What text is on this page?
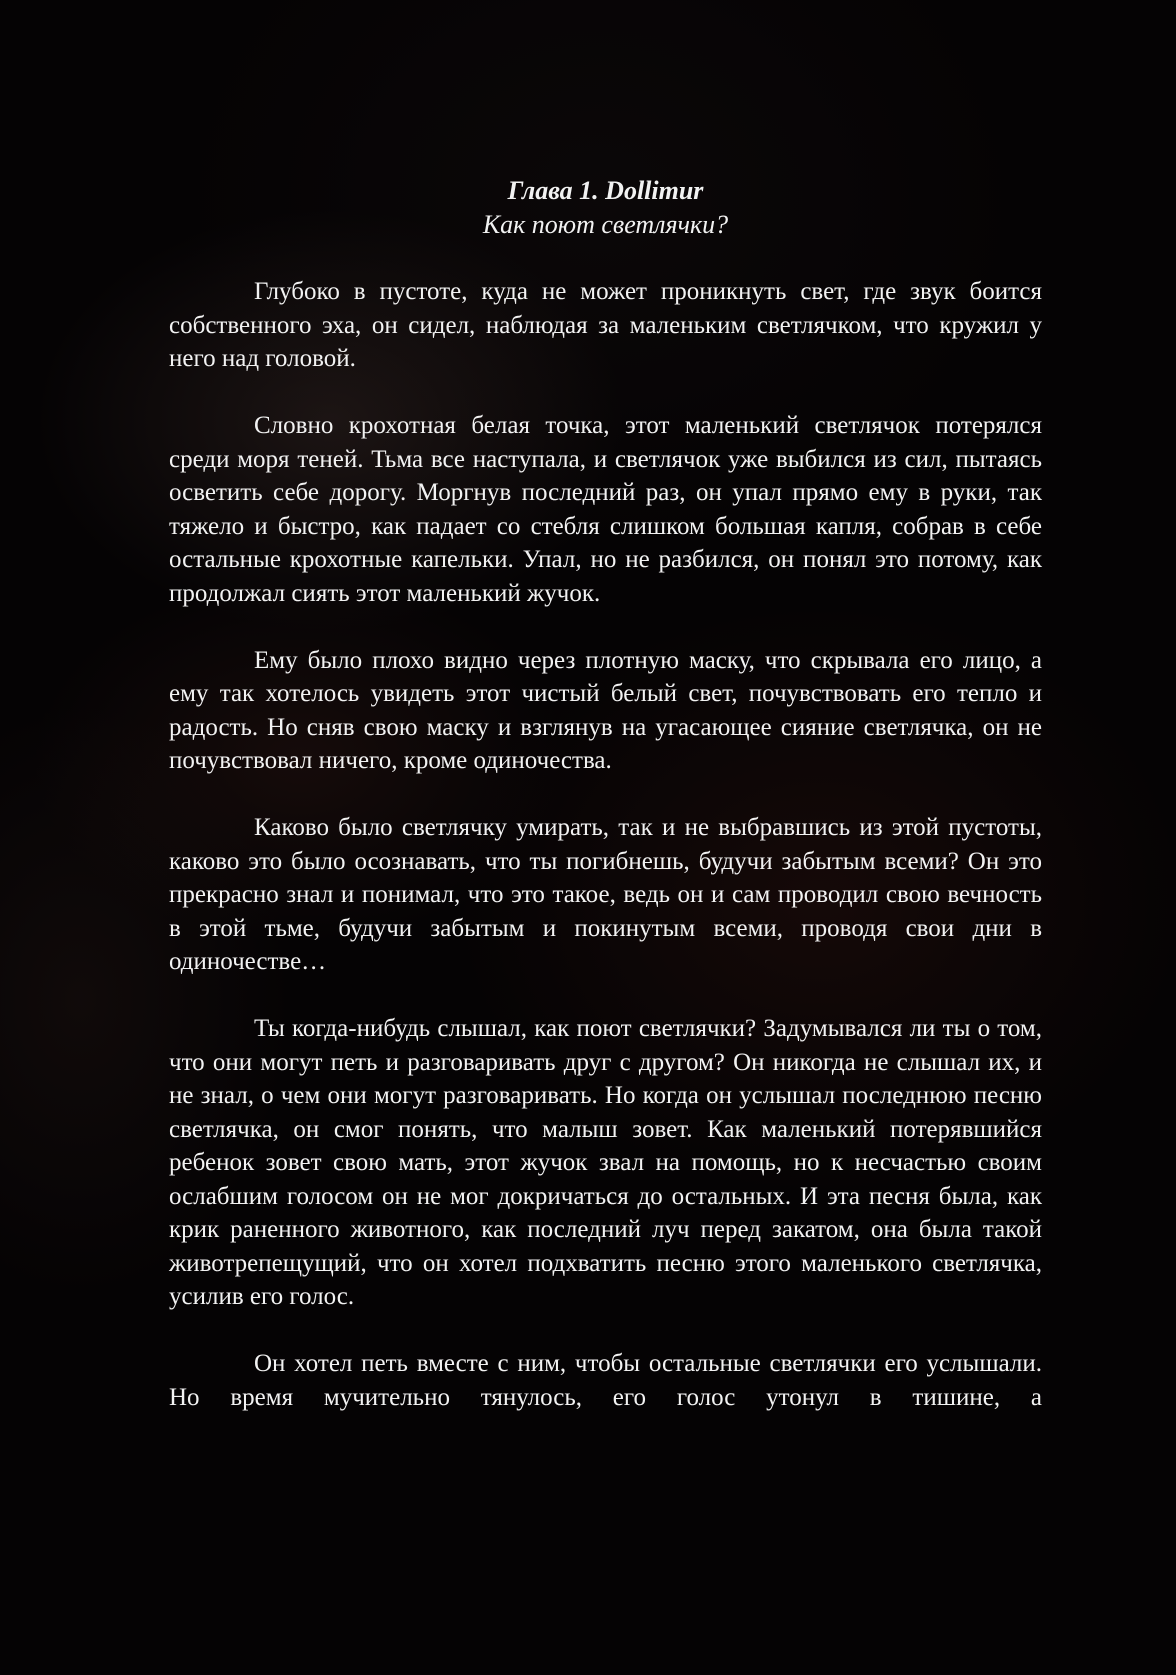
Глава 1. Dollimur

Как поют светлячки?

Глубоко в пустоте, куда не может проникнуть свет, где звук боится собственного эха, он сидел, наблюдая за маленьким светлячком, что кружил у него над головой.

Словно крохотная белая точка, этот маленький светлячок потерялся среди моря теней. Тьма все наступала, и светлячок уже выбился из сил, пытаясь осветить себе дорогу. Моргнув последний раз, он упал прямо ему в руки, так тяжело и быстро, как падает со стебля слишком большая капля, собрав в себе остальные крохотные капельки. Упал, но не разбился, он понял это потому, как продолжал сиять этот маленький жучок.

Ему было плохо видно через плотную маску, что скрывала его лицо, а ему так хотелось увидеть этот чистый белый свет, почувствовать его тепло и радость. Но сняв свою маску и взглянув на угасающее сияние светлячка, он не почувствовал ничего, кроме одиночества.

Каково было светлячку умирать, так и не выбравшись из этой пустоты, каково это было осознавать, что ты погибнешь, будучи забытым всеми? Он это прекрасно знал и понимал, что это такое, ведь он и сам проводил свою вечность в этой тьме, будучи забытым и покинутым всеми, проводя свои дни в одиночестве…

Ты когда-нибудь слышал, как поют светлячки? Задумывался ли ты о том, что они могут петь и разговаривать друг с другом? Он никогда не слышал их, и не знал, о чем они могут разговаривать. Но когда он услышал последнюю песню светлячка, он смог понять, что малыш зовет. Как маленький потерявшийся ребенок зовет свою мать, этот жучок звал на помощь, но к несчастью своим ослабшим голосом он не мог докричаться до остальных. И эта песня была, как крик раненного животного, как последний луч перед закатом, она была такой животрепещущий, что он хотел подхватить песню этого маленького светлячка, усилив его голос.

Он хотел петь вместе с ним, чтобы остальные светлячки его услышали. Но время мучительно тянулось, его голос утонул в тишине, а
